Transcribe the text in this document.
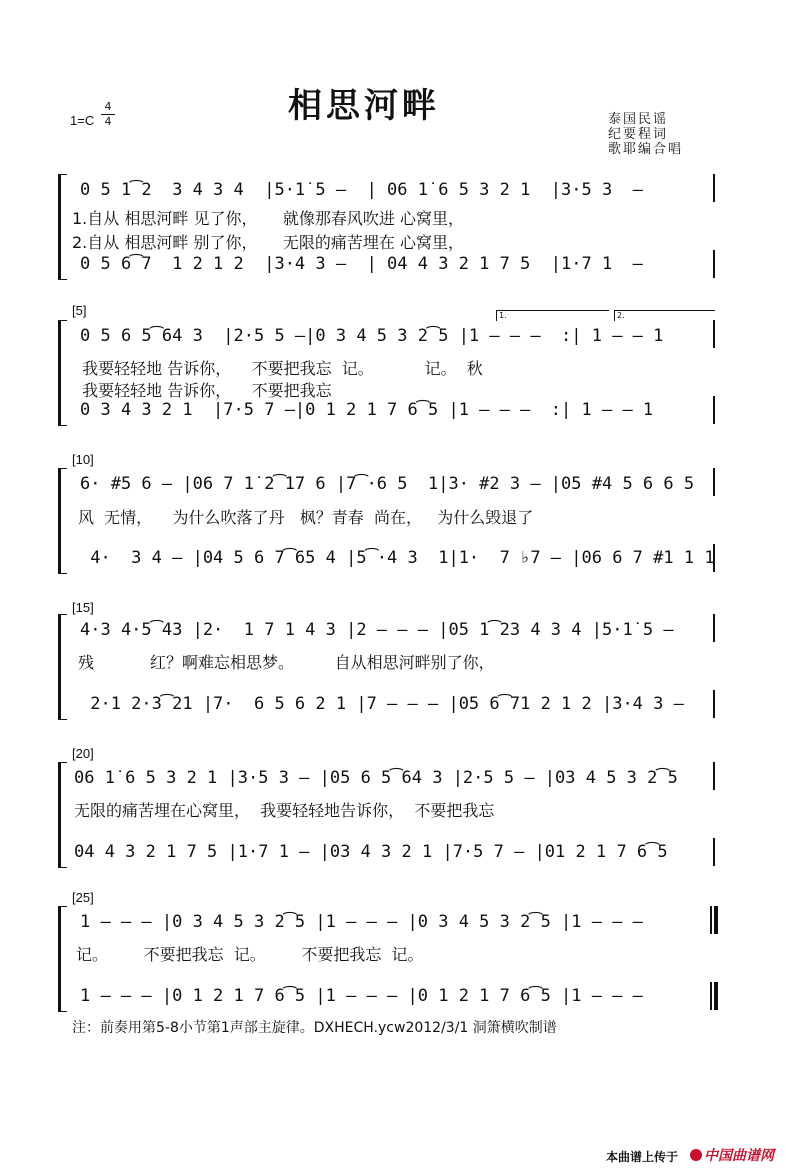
相思河畔
1=C
4
4	泰国民谣
纪要程词
歌耶编合唱
0 5 1͡2  3 4 3 4  |5·1̇ 5 –  | 06 1̇ 6 5 3 2 1  |3·5 3  –
1.自从 相思河畔 见了你，     就像那春风吹进 心窝里，
2.自从 相思河畔 别了你，     无限的痛苦埋在 心窝里，
0 5 6͡7  1 2 1 2  |3·4 3 –  | 04 4 3 2 1 7 5  |1·7 1  –
[5]	1.	2.
0 5 6 5͡64 3  |2·5 5 –|0 3 4 5 3 2͡5 |1 – – –  :| 1 – – 1
我要轻轻地 告诉你，    不要把我忘  记。          记。  秋
我要轻轻地 告诉你，    不要把我忘
0 3 4 3 2 1  |7·5 7 –|0 1 2 1 7 6͡5 |1 – – –  :| 1 – – 1
[10]
6· #5 6 – |06 7 1̇ 2͡17 6 |7͡·6 5  1|3· #2 3 – |05 #4 5 6 6 5
风  无情，    为什么吹落了丹   枫？青春  尚在，   为什么毁退了
4·  3 4 – |04 5 6 7͡65 4 |5͡·4 3  1|1·  7 ♭7 – |06 6 7 #1 1 1
[15]
4·3 4·5͡43 |2·  1 7 1 4 3 |2 – – – |05 1͡23 4 3 4 |5·1̇ 5 –
残           红？啊难忘相思梦。        自从相思河畔别了你，
2·1 2·3͡21 |7·  6 5 6 2 1 |7 – – – |05 6͡71 2 1 2 |3·4 3 –
[20]
06 1̇ 6 5 3 2 1 |3·5 3 – |05 6 5͡64 3 |2·5 5 – |03 4 5 3 2͡5
无限的痛苦埋在心窝里，  我要轻轻地告诉你，  不要把我忘
04 4 3 2 1 7 5 |1·7 1 – |03 4 3 2 1 |7·5 7 – |01 2 1 7 6͡5
[25]
1 – – – |0 3 4 5 3 2͡5 |1 – – – |0 3 4 5 3 2͡5 |1 – – –
记。       不要把我忘  记。       不要把我忘  记。
1 – – – |0 1 2 1 7 6͡5 |1 – – – |0 1 2 1 7 6͡5 |1 – – –
注：前奏用第5-8小节第1声部主旋律。DXHECH.ycw2012/3/1 洞箫横吹制谱
本曲谱上传于	中国曲谱网
